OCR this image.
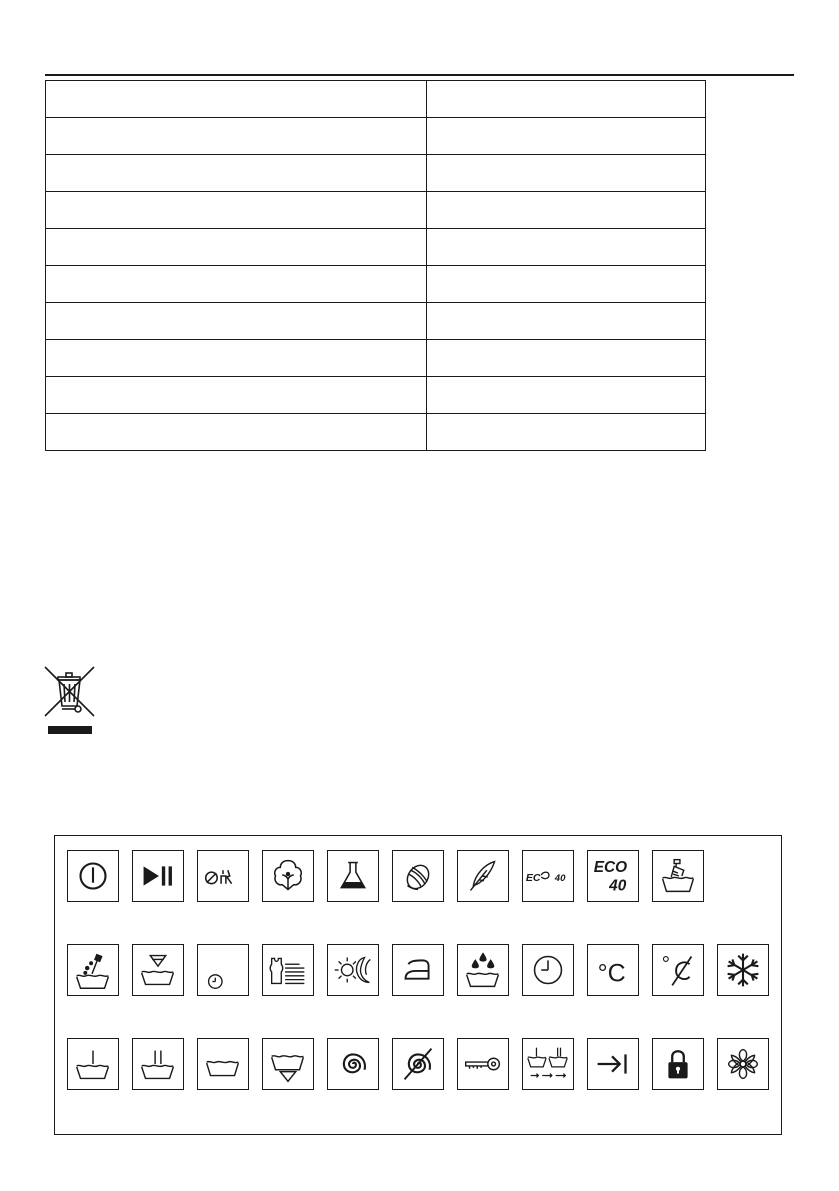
EC 40
ECO
40
°C °
